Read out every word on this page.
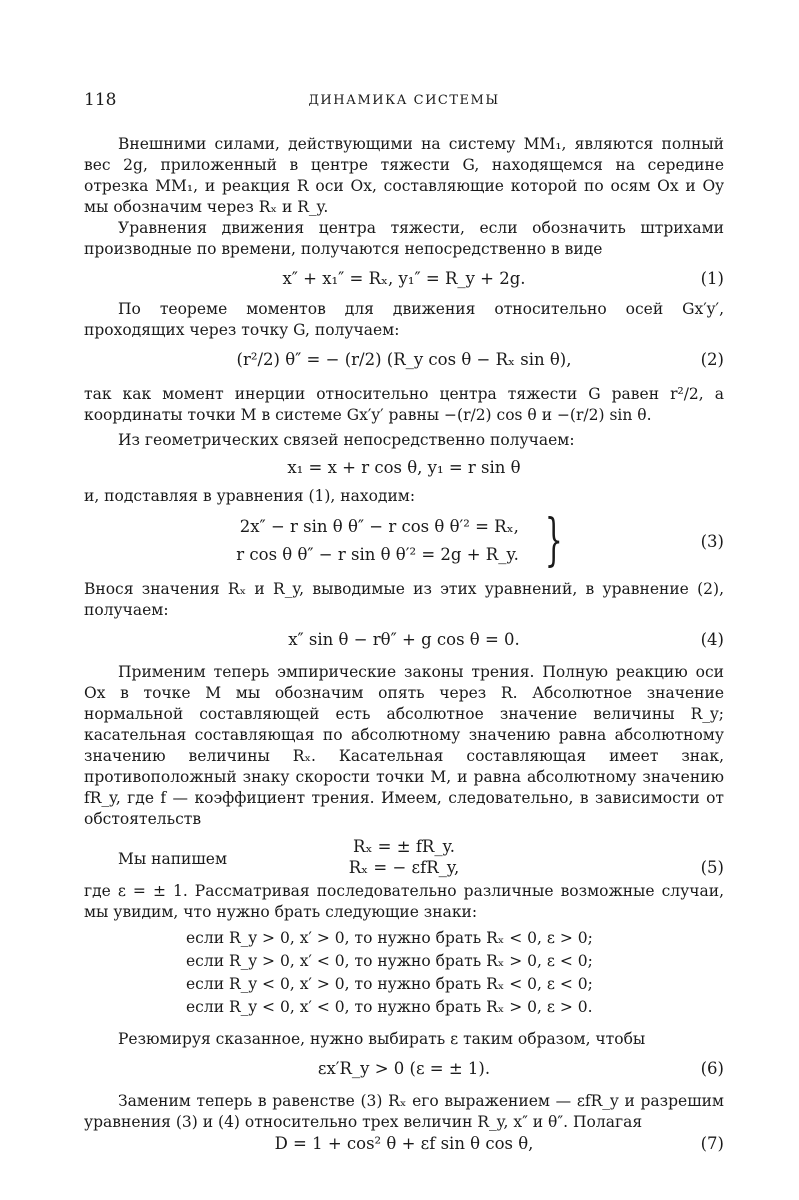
118	ДИНАМИКА СИСТЕМЫ

Внешними силами, действующими на систему MM₁, являются полный вес 2g, приложенный в центре тяжести G, находящемся на середине отрезка MM₁, и реакция R оси Ox, составляющие которой по осям Ox и Oy мы обозначим через Rₓ и R_y.

Уравнения движения центра тяжести, если обозначить штрихами производные по времени, получаются непосредственно в виде

x″ + x₁″ = Rₓ, y₁″ = R_y + 2g.	(1)

По теореме моментов для движения относительно осей Gx′y′, проходящих через точку G, получаем:

(r²/2) θ″ = − (r/2) (R_y cos θ − Rₓ sin θ),	(2)

так как момент инерции относительно центра тяжести G равен r²/2, а координаты точки M в системе Gx′y′ равны −(r/2) cos θ и −(r/2) sin θ.

Из геометрических связей непосредственно получаем:

x₁ = x + r cos θ, y₁ = r sin θ

и, подставляя в уравнения (1), находим:

2x″ − r sin θ θ″ − r cos θ θ′² = Rₓ,
r cos θ θ″ − r sin θ θ′² = 2g + R_y. }	(3)

Внося значения Rₓ и R_y, выводимые из этих уравнений, в уравнение (2), получаем:

x″ sin θ − rθ″ + g cos θ = 0.	(4)

Применим теперь эмпирические законы трения. Полную реакцию оси Ox в точке M мы обозначим опять через R. Абсолютное значение нормальной составляющей есть абсолютное значение величины R_y; касательная составляющая по абсолютному значению равна абсолютному значению величины Rₓ. Касательная составляющая имеет знак, противоположный знаку скорости точки M, и равна абсолютному значению fR_y, где f — коэффициент трения. Имеем, следовательно, в зависимости от обстоятельств

Rₓ = ± fR_y.
Мы напишем	Rₓ = − εfR_y,	(5)

где ε = ± 1. Рассматривая последовательно различные возможные случаи, мы увидим, что нужно брать следующие знаки:

если R_y > 0, x′ > 0, то нужно брать Rₓ < 0, ε > 0;
если R_y > 0, x′ < 0, то нужно брать Rₓ > 0, ε < 0;
если R_y < 0, x′ > 0, то нужно брать Rₓ < 0, ε < 0;
если R_y < 0, x′ < 0, то нужно брать Rₓ > 0, ε > 0.

Резюмируя сказанное, нужно выбирать ε таким образом, чтобы

εx′R_y > 0 (ε = ± 1).	(6)

Заменим теперь в равенстве (3) Rₓ его выражением — εfR_y и разрешим уравнения (3) и (4) относительно трех величин R_y, x″ и θ″. Полагая

D = 1 + cos² θ + εf sin θ cos θ,	(7)
